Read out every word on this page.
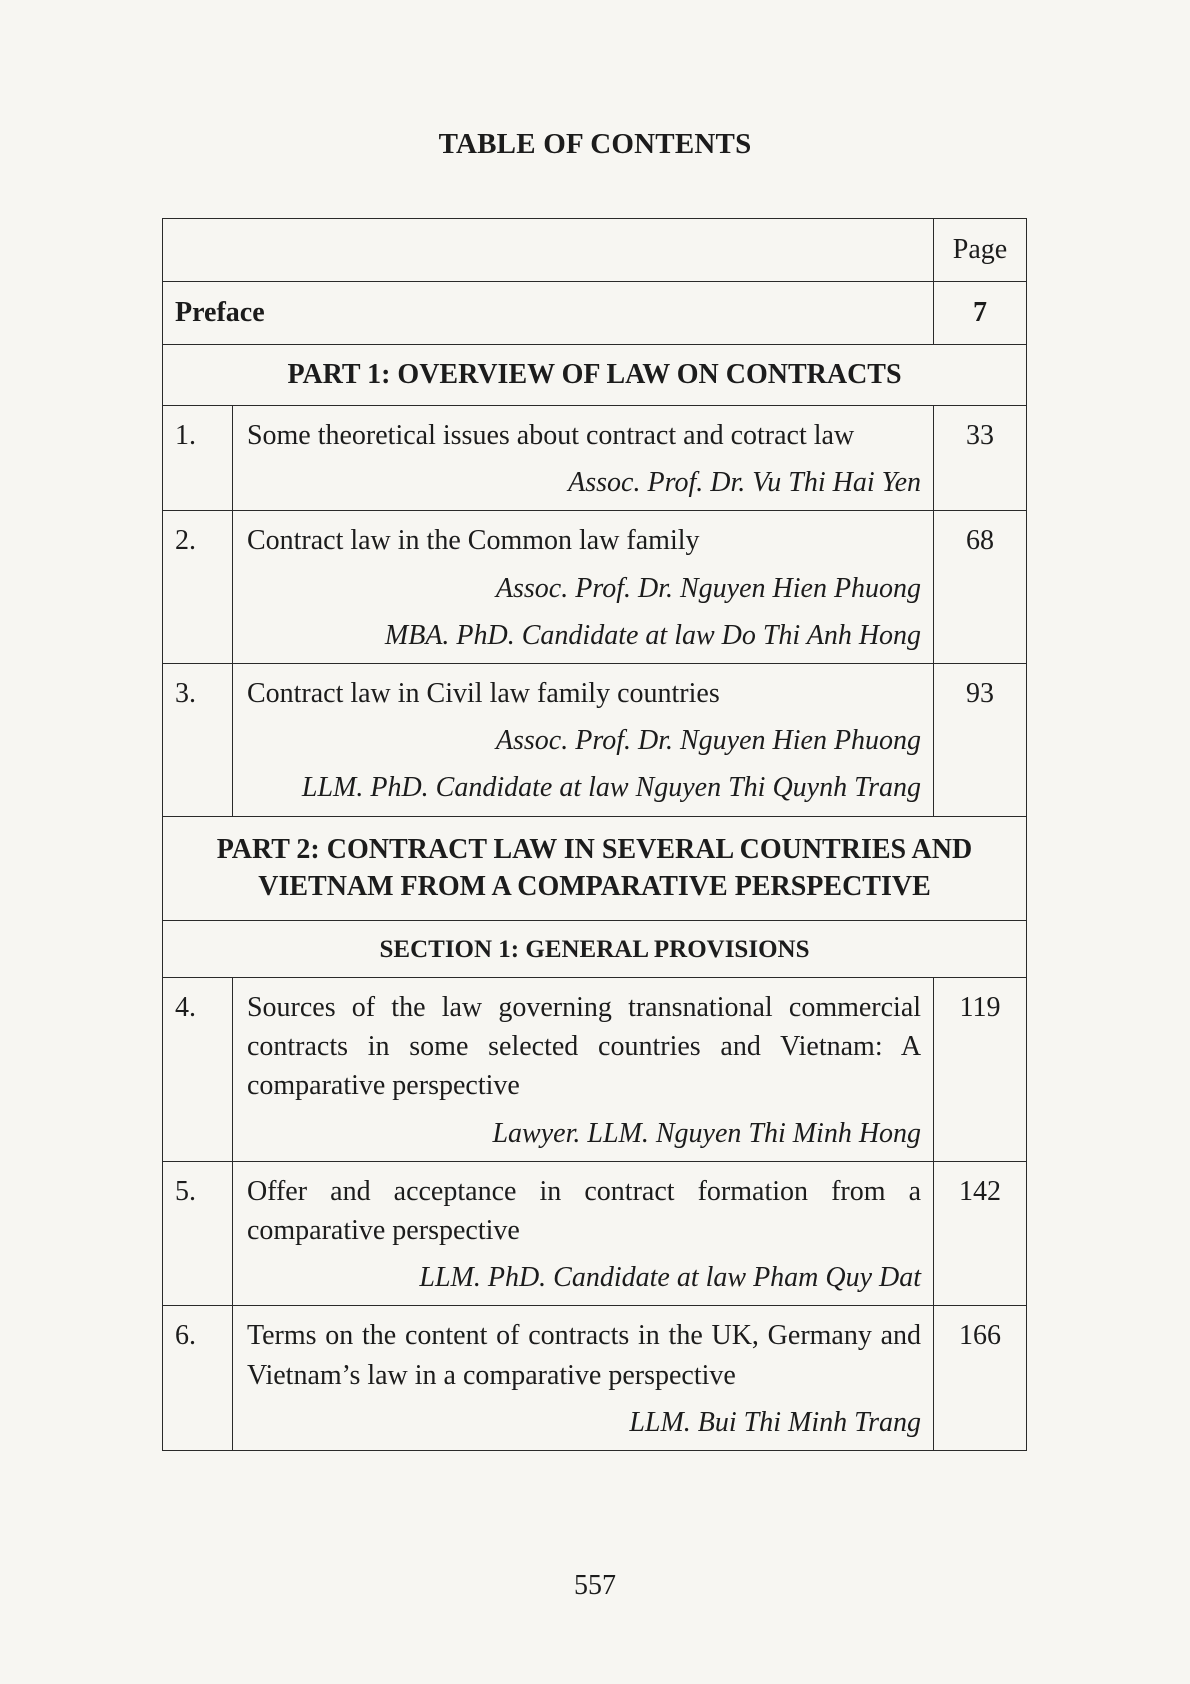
TABLE OF CONTENTS
		Page
Preface		7
PART 1: OVERVIEW OF LAW ON CONTRACTS		
1.	Some theoretical issues about contract and cotract law
Assoc. Prof. Dr. Vu Thi Hai Yen	33
2.	Contract law in the Common law family
Assoc. Prof. Dr. Nguyen Hien Phuong
MBA. PhD. Candidate at law Do Thi Anh Hong	68
3.	Contract law in Civil law family countries
Assoc. Prof. Dr. Nguyen Hien Phuong
LLM. PhD. Candidate at law Nguyen Thi Quynh Trang	93
PART 2: CONTRACT LAW IN SEVERAL COUNTRIES AND VIETNAM FROM A COMPARATIVE PERSPECTIVE		
SECTION 1: GENERAL PROVISIONS		
4.	Sources of the law governing transnational commercial contracts in some selected countries and Vietnam: A comparative perspective
Lawyer. LLM. Nguyen Thi Minh Hong	119
5.	Offer and acceptance in contract formation from a comparative perspective
LLM. PhD. Candidate at law Pham Quy Dat	142
6.	Terms on the content of contracts in the UK, Germany and Vietnam’s law in a comparative perspective
LLM. Bui Thi Minh Trang	166
557
